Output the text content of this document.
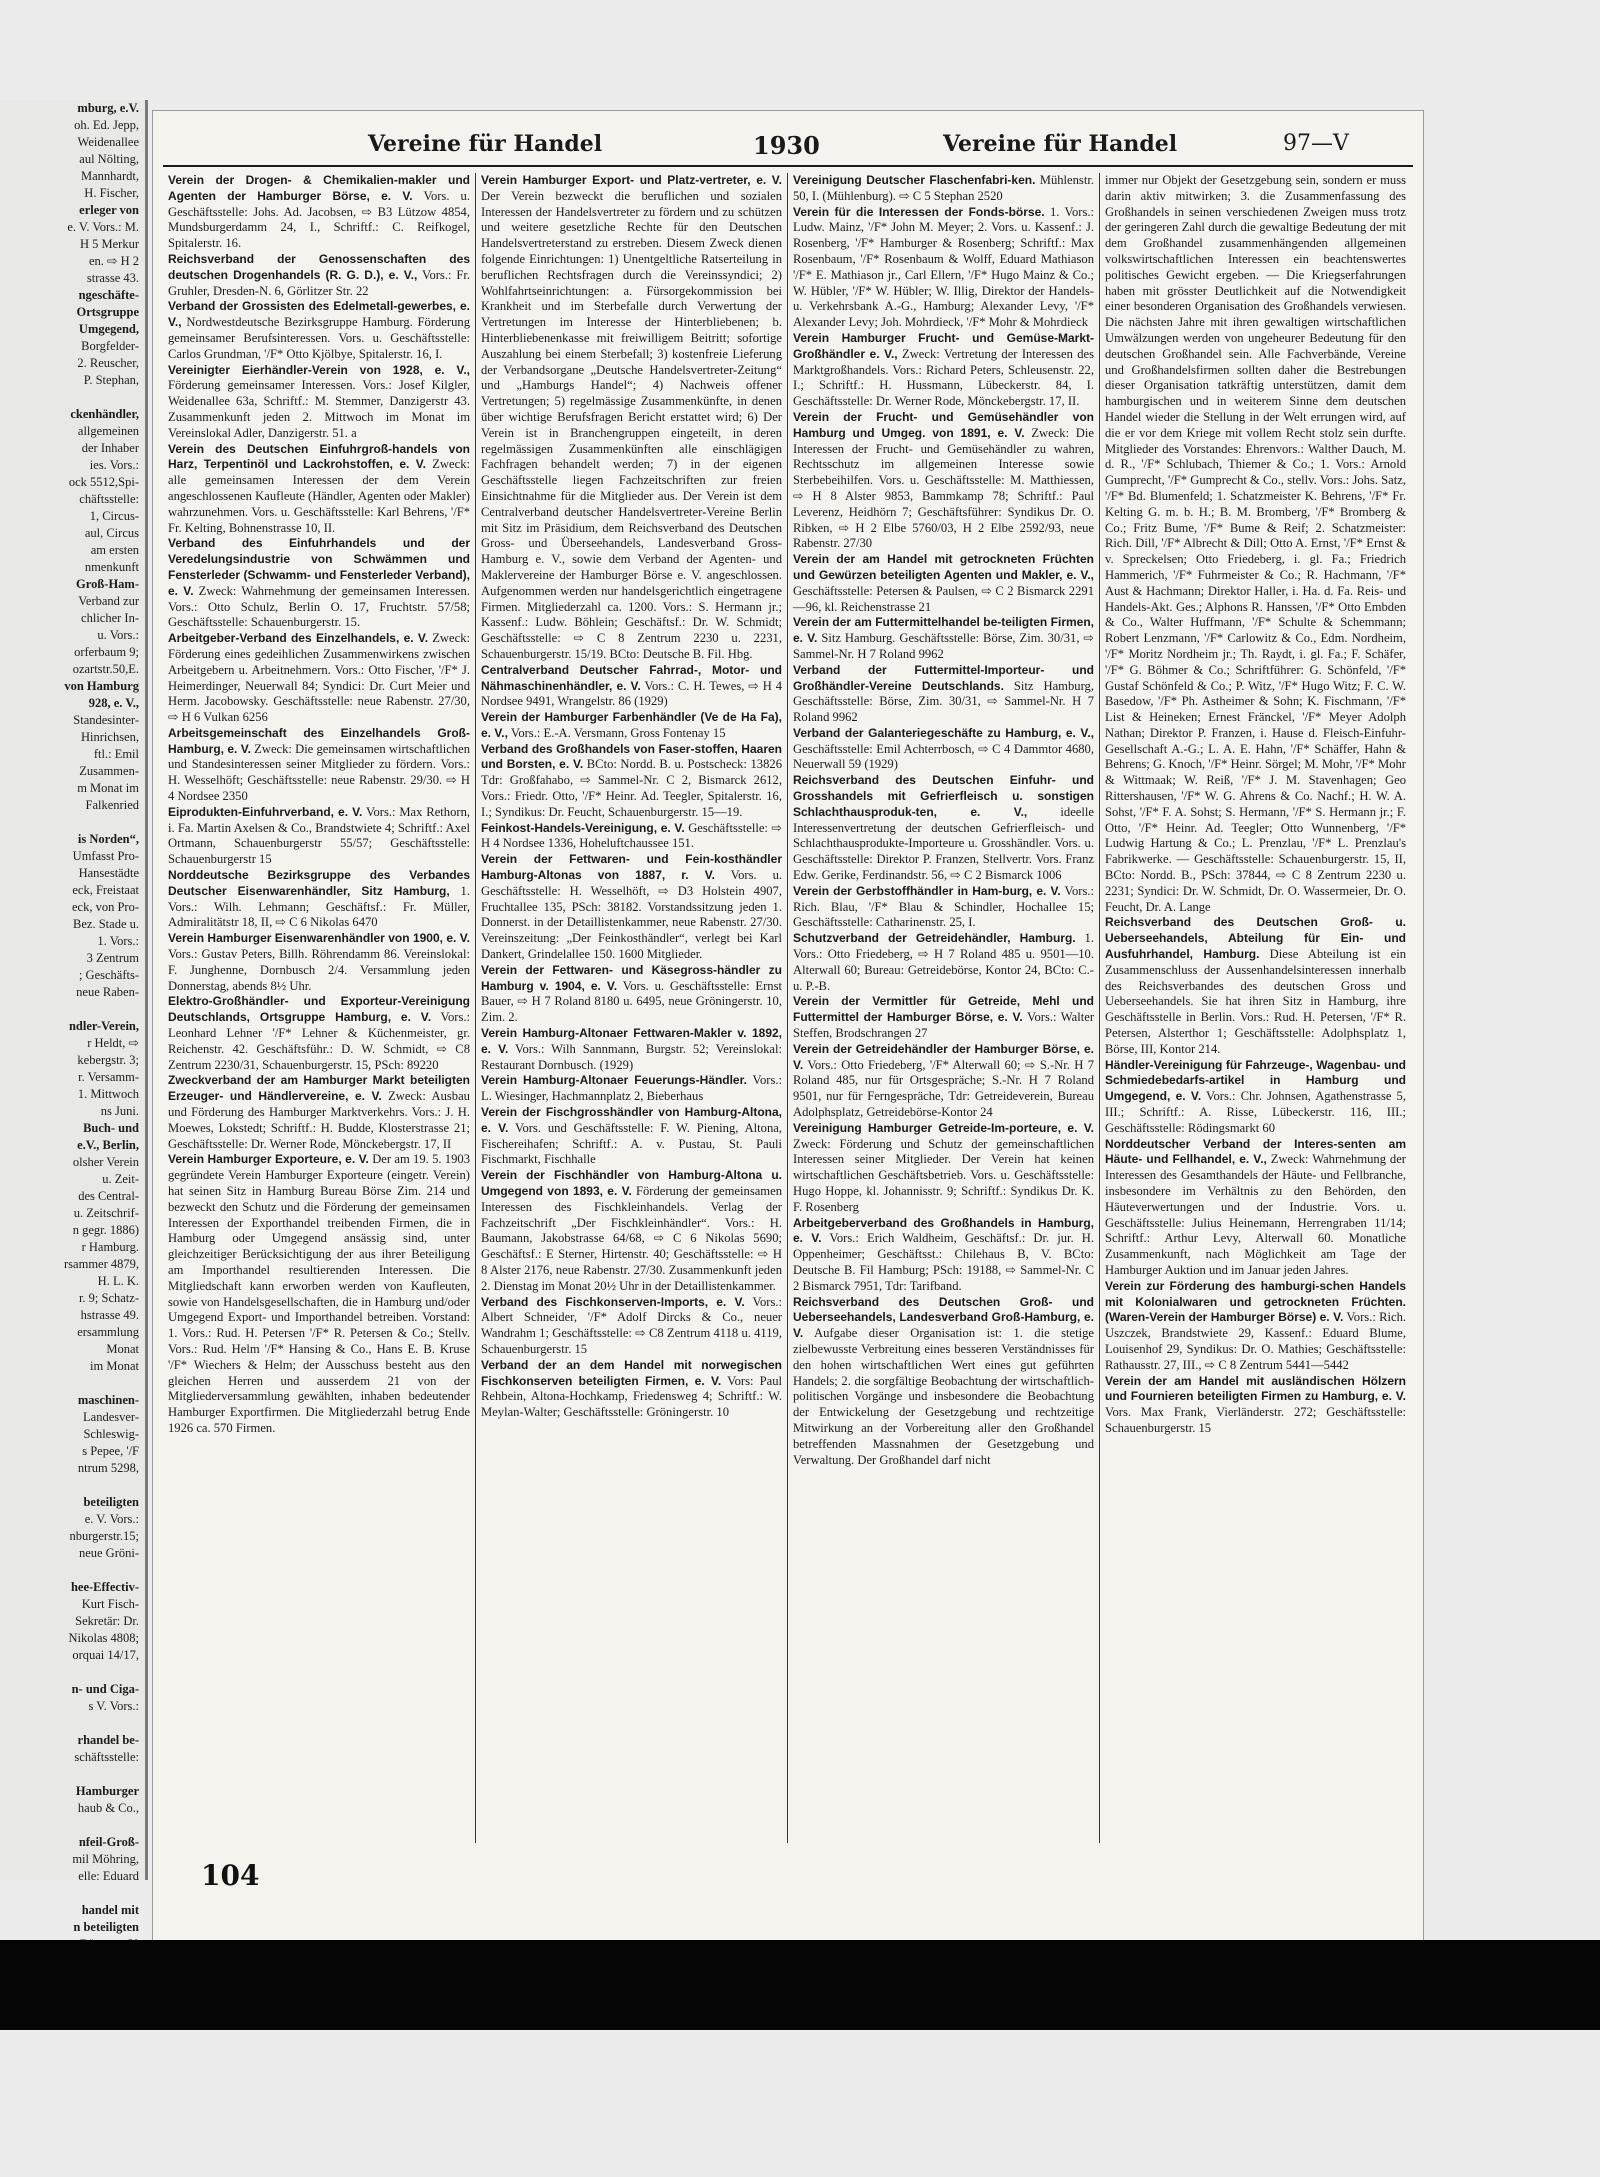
mburg, e.V.
oh. Ed. Jepp,
Weidenallee
aul Nölting,
Mannhardt,
H. Fischer,
erleger von
e. V. Vors.: M.
H 5 Merkur
en. ⇨ H 2
strasse 43.
ngeschäfte-
Ortsgruppe
Umgegend,
Borgfelder-
2. Reuscher,
P. Stephan,

ckenhändler,
allgemeinen
der Inhaber
ies. Vors.:
ock 5512,Spi-
chäftsstelle:
1, Circus-
aul, Circus
am ersten
nmenkunft
Groß-Ham-
Verband zur
chlicher In-
u. Vors.:
orferbaum 9;
ozartstr.50,E.
von Hamburg
928, e. V.,
Standesinter-
Hinrichsen,
ftl.: Emil
Zusammen-
m Monat im
Falkenried

is Norden“,
Umfasst Pro-
Hansestädte
eck, Freistaat
eck, von Pro-
Bez. Stade u.
1. Vors.:
3 Zentrum
; Geschäfts-
neue Raben-

ndler-Verein,
r Heldt, ⇨
kebergstr. 3;
r. Versamm-
1. Mittwoch
ns Juni.
Buch- und
e.V., Berlin,
olsher Verein
u. Zeit-
des Central-
u. Zeitschrif-
n gegr. 1886)
r Hamburg.
rsammer 4879,
H. L. K.
r. 9; Schatz-
hstrasse 49.
ersammlung
Monat
im Monat

maschinen-
Landesver-
Schleswig-
s Pepee, '/F
ntrum 5298,

beteiligten
e. V. Vors.:
nburgerstr.15;
neue Gröni-

hee-Effectiv-
Kurt Fisch-
Sekretär: Dr.
Nikolas 4808;
orquai 14/17,

n- und Ciga-
s V. Vors.:

rhandel be-
schäftsstelle:

Hamburger
haub & Co.,

nfeil-Groß-
mil Möhring,
elle: Eduard

handel mit
n beteiligten
Vereine für Handel	1930	Vereine für Handel	97—V

Verein der Drogen- & Chemikalien-makler und Agenten der Hamburger Börse, e. V. Vors. u. Geschäftsstelle: Johs. Ad. Jacobsen, ⇨ B3 Lützow 4854, Mundsburgerdamm 24, I., Schriftf.: C. Reifkogel, Spitalerstr. 16.

Reichsverband der Genossenschaften des deutschen Drogenhandels (R. G. D.), e. V., Vors.: Fr. Gruhler, Dresden-N. 6, Görlitzer Str. 22

Verband der Grossisten des Edelmetall-gewerbes, e. V., Nordwestdeutsche Bezirksgruppe Hamburg. Förderung gemeinsamer Berufsinteressen. Vors. u. Geschäftsstelle: Carlos Grundman, '/F* Otto Kjölbye, Spitalerstr. 16, I.

Vereinigter Eierhändler-Verein von 1928, e. V., Förderung gemeinsamer Interessen. Vors.: Josef Kilgler, Weidenallee 63a, Schriftf.: M. Stemmer, Danzigerstr 43. Zusammenkunft jeden 2. Mittwoch im Monat im Vereinslokal Adler, Danzigerstr. 51. a

Verein des Deutschen Einfuhrgroß-handels von Harz, Terpentinöl und Lackrohstoffen, e. V. Zweck: alle gemeinsamen Interessen der dem Verein angeschlossenen Kaufleute (Händler, Agenten oder Makler) wahrzunehmen. Vors. u. Geschäftsstelle: Karl Behrens, '/F* Fr. Kelting, Bohnenstrasse 10, II.

Verband des Einfuhrhandels und der Veredelungsindustrie von Schwämmen und Fensterleder (Schwamm- und Fensterleder Verband), e. V. Zweck: Wahrnehmung der gemeinsamen Interessen. Vors.: Otto Schulz, Berlin O. 17, Fruchtstr. 57/58; Geschäftsstelle: Schauenburgerstr. 15.

Arbeitgeber-Verband des Einzelhandels, e. V. Zweck: Förderung eines gedeihlichen Zusammenwirkens zwischen Arbeitgebern u. Arbeitnehmern. Vors.: Otto Fischer, '/F* J. Heimerdinger, Neuerwall 84; Syndici: Dr. Curt Meier und Herm. Jacobowsky. Geschäftsstelle: neue Rabenstr. 27/30, ⇨ H 6 Vulkan 6256

Arbeitsgemeinschaft des Einzelhandels Groß-Hamburg, e. V. Zweck: Die gemeinsamen wirtschaftlichen und Standesinteressen seiner Mitglieder zu fördern. Vors.: H. Wesselhöft; Geschäftsstelle: neue Rabenstr. 29/30. ⇨ H 4 Nordsee 2350

Eiprodukten-Einfuhrverband, e. V. Vors.: Max Rethorn, i. Fa. Martin Axelsen & Co., Brandstwiete 4; Schriftf.: Axel Ortmann, Schauenburgerstr 55/57; Geschäftsstelle: Schauenburgerstr 15

Norddeutsche Bezirksgruppe des Verbandes Deutscher Eisenwarenhändler, Sitz Hamburg, 1. Vors.: Wilh. Lehmann; Geschäftsf.: Fr. Müller, Admiralitätstr 18, II, ⇨ C 6 Nikolas 6470

Verein Hamburger Eisenwarenhändler von 1900, e. V. Vors.: Gustav Peters, Billh. Röhrendamm 86. Vereinslokal: F. Junghenne, Dornbusch 2/4. Versammlung jeden Donnerstag, abends 8½ Uhr.

Elektro-Großhändler- und Exporteur-Vereinigung Deutschlands, Ortsgruppe Hamburg, e. V. Vors.: Leonhard Lehner '/F* Lehner & Küchenmeister, gr. Reichenstr. 42. Geschäftsführ.: D. W. Schmidt, ⇨ C8 Zentrum 2230/31, Schauenburgerstr. 15, PSch: 89220

Zweckverband der am Hamburger Markt beteiligten Erzeuger- und Händlervereine, e. V. Zweck: Ausbau und Förderung des Hamburger Marktverkehrs. Vors.: J. H. Moewes, Lokstedt; Schriftf.: H. Budde, Klosterstrasse 21; Geschäftsstelle: Dr. Werner Rode, Mönckebergstr. 17, II

Verein Hamburger Exporteure, e. V. Der am 19. 5. 1903 gegründete Verein Hamburger Exporteure (eingetr. Verein) hat seinen Sitz in Hamburg Bureau Börse Zim. 214 und bezweckt den Schutz und die Förderung der gemeinsamen Interessen der Exporthandel treibenden Firmen, die in Hamburg oder Umgegend ansässig sind, unter gleichzeitiger Berücksichtigung der aus ihrer Beteiligung am Importhandel resultierenden Interessen. Die Mitgliedschaft kann erworben werden von Kaufleuten, sowie von Handelsgesellschaften, die in Hamburg und/oder Umgegend Export- und Importhandel betreiben. Vorstand: 1. Vors.: Rud. H. Petersen '/F* R. Petersen & Co.; Stellv. Vors.: Rud. Helm '/F* Hansing & Co., Hans E. B. Kruse '/F* Wiechers & Helm; der Ausschuss besteht aus den gleichen Herren und ausserdem 21 von der Mitgliederversammlung gewählten, inhaben bedeutender Hamburger Exportfirmen. Die Mitgliederzahl betrug Ende 1926 ca. 570 Firmen.

Verein Hamburger Export- und Platz-vertreter, e. V. Der Verein bezweckt die beruflichen und sozialen Interessen der Handelsvertreter zu fördern und zu schützen und weitere gesetzliche Rechte für den Deutschen Handelsvertreterstand zu erstreben. Diesem Zweck dienen folgende Einrichtungen: 1) Unentgeltliche Ratserteilung in beruflichen Rechtsfragen durch die Vereinssyndici; 2) Wohlfahrtseinrichtungen: a. Fürsorgekommission bei Krankheit und im Sterbefalle durch Verwertung der Vertretungen im Interesse der Hinterbliebenen; b. Hinterbliebenenkasse mit freiwilligem Beitritt; sofortige Auszahlung bei einem Sterbefall; 3) kostenfreie Lieferung der Verbandsorgane „Deutsche Handelsvertreter-Zeitung“ und „Hamburgs Handel“; 4) Nachweis offener Vertretungen; 5) regelmässige Zusammenkünfte, in denen über wichtige Berufsfragen Bericht erstattet wird; 6) Der Verein ist in Branchengruppen eingeteilt, in deren regelmässigen Zusammenkünften alle einschlägigen Fachfragen behandelt werden; 7) in der eigenen Geschäftsstelle liegen Fachzeitschriften zur freien Einsichtnahme für die Mitglieder aus. Der Verein ist dem Centralverband deutscher Handelsvertreter-Vereine Berlin mit Sitz im Präsidium, dem Reichsverband des Deutschen Gross- und Überseehandels, Landesverband Gross-Hamburg e. V., sowie dem Verband der Agenten- und Maklervereine der Hamburger Börse e. V. angeschlossen. Aufgenommen werden nur handelsgerichtlich eingetragene Firmen. Mitgliederzahl ca. 1200. Vors.: S. Hermann jr.; Kassenf.: Ludw. Böhlein; Geschäftsf.: Dr. W. Schmidt; Geschäftsstelle: ⇨ C 8 Zentrum 2230 u. 2231, Schauenburgerstr. 15/19. BCto: Deutsche B. Fil. Hbg.

Centralverband Deutscher Fahrrad-, Motor- und Nähmaschinenhändler, e. V. Vors.: C. H. Tewes, ⇨ H 4 Nordsee 9491, Wrangelstr. 86 (1929)

Verein der Hamburger Farbenhändler (Ve de Ha Fa), e. V., Vors.: E.-A. Versmann, Gross Fontenay 15

Verband des Großhandels von Faser-stoffen, Haaren und Borsten, e. V. BCto: Nordd. B. u. Postscheck: 13826 Tdr: Großfahabo, ⇨ Sammel-Nr. C 2, Bismarck 2612, Vors.: Friedr. Otto, '/F* Heinr. Ad. Teegler, Spitalerstr. 16, I.; Syndikus: Dr. Feucht, Schauenburgerstr. 15—19.

Feinkost-Handels-Vereinigung, e. V. Geschäftsstelle: ⇨ H 4 Nordsee 1336, Hoheluftchaussee 151.

Verein der Fettwaren- und Fein-kosthändler Hamburg-Altonas von 1887, r. V. Vors. u. Geschäftsstelle: H. Wesselhöft, ⇨ D3 Holstein 4907, Fruchtallee 135, PSch: 38182. Vorstandssitzung jeden 1. Donnerst. in der Detaillistenkammer, neue Rabenstr. 27/30. Vereinszeitung: „Der Feinkosthändler“, verlegt bei Karl Dankert, Grindelallee 150. 1600 Mitglieder.

Verein der Fettwaren- und Käsegross-händler zu Hamburg v. 1904, e. V. Vors. u. Geschäftsstelle: Ernst Bauer, ⇨ H 7 Roland 8180 u. 6495, neue Gröningerstr. 10, Zim. 2.

Verein Hamburg-Altonaer Fettwaren-Makler v. 1892, e. V. Vors.: Wilh Sannmann, Burgstr. 52; Vereinslokal: Restaurant Dornbusch. (1929)

Verein Hamburg-Altonaer Feuerungs-Händler. Vors.: L. Wiesinger, Hachmannplatz 2, Bieberhaus

Verein der Fischgrosshändler von Hamburg-Altona, e. V. Vors. und Geschäftsstelle: F. W. Piening, Altona, Fischereihafen; Schriftf.: A. v. Pustau, St. Pauli Fischmarkt, Fischhalle

Verein der Fischhändler von Hamburg-Altona u. Umgegend von 1893, e. V. Förderung der gemeinsamen Interessen des Fischkleinhandels. Verlag der Fachzeitschrift „Der Fischkleinhändler“. Vors.: H. Baumann, Jakobstrasse 64/68, ⇨ C 6 Nikolas 5690; Geschäftsf.: E Sterner, Hirtenstr. 40; Geschäftsstelle: ⇨ H 8 Alster 2176, neue Rabenstr. 27/30. Zusammenkunft jeden 2. Dienstag im Monat 20½ Uhr in der Detaillistenkammer.

Verband des Fischkonserven-Imports, e. V. Vors.: Albert Schneider, '/F* Adolf Dircks & Co., neuer Wandrahm 1; Geschäftsstelle: ⇨ C8 Zentrum 4118 u. 4119, Schauenburgerstr. 15

Verband der an dem Handel mit norwegischen Fischkonserven beteiligten Firmen, e. V. Vors: Paul Rehbein, Altona-Hochkamp, Friedensweg 4; Schriftf.: W. Meylan-Walter; Geschäftsstelle: Gröningerstr. 10

Vereinigung Deutscher Flaschenfabri-ken. Mühlenstr. 50, I. (Mühlenburg). ⇨ C 5 Stephan 2520

Verein für die Interessen der Fonds-börse. 1. Vors.: Ludw. Mainz, '/F* John M. Meyer; 2. Vors. u. Kassenf.: J. Rosenberg, '/F* Hamburger & Rosenberg; Schriftf.: Max Rosenbaum, '/F* Rosenbaum & Wolff, Eduard Mathiason '/F* E. Mathiason jr., Carl Ellern, '/F* Hugo Mainz & Co.; W. Hübler, '/F* W. Hübler; W. Illig, Direktor der Handels- u. Verkehrsbank A.-G., Hamburg; Alexander Levy, '/F* Alexander Levy; Joh. Mohrdieck, '/F* Mohr & Mohrdieck

Verein Hamburger Frucht- und Gemüse-Markt-Großhändler e. V., Zweck: Vertretung der Interessen des Marktgroßhandels. Vors.: Richard Peters, Schleusenstr. 22, I.; Schriftf.: H. Hussmann, Lübeckerstr. 84, I. Geschäftsstelle: Dr. Werner Rode, Mönckebergstr. 17, II.

Verein der Frucht- und Gemüsehändler von Hamburg und Umgeg. von 1891, e. V. Zweck: Die Interessen der Frucht- und Gemüsehändler zu wahren, Rechtsschutz im allgemeinen Interesse sowie Sterbebeihilfen. Vors. u. Geschäftsstelle: M. Matthiessen, ⇨ H 8 Alster 9853, Bammkamp 78; Schriftf.: Paul Leverenz, Heidhörn 7; Geschäftsführer: Syndikus Dr. O. Ribken, ⇨ H 2 Elbe 5760/03, H 2 Elbe 2592/93, neue Rabenstr. 27/30

Verein der am Handel mit getrockneten Früchten und Gewürzen beteiligten Agenten und Makler, e. V., Geschäftsstelle: Petersen & Paulsen, ⇨ C 2 Bismarck 2291—96, kl. Reichenstrasse 21

Verein der am Futtermittelhandel be-teiligten Firmen, e. V. Sitz Hamburg. Geschäftsstelle: Börse, Zim. 30/31, ⇨ Sammel-Nr. H 7 Roland 9962

Verband der Futtermittel-Importeur- und Großhändler-Vereine Deutschlands. Sitz Hamburg, Geschäftsstelle: Börse, Zim. 30/31, ⇨ Sammel-Nr. H 7 Roland 9962

Verband der Galanteriegeschäfte zu Hamburg, e. V., Geschäftsstelle: Emil Achterrbosch, ⇨ C 4 Dammtor 4680, Neuerwall 59 (1929)

Reichsverband des Deutschen Einfuhr- und Grosshandels mit Gefrierfleisch u. sonstigen Schlachthausproduk-ten, e. V.,	ideelle Interessenvertretung der deutschen Gefrierfleisch- und Schlachthausprodukte-Importeure u. Grosshändler. Vors. u. Geschäftsstelle: Direktor P. Franzen, Stellvertr. Vors. Franz Edw. Gerike, Ferdinandstr. 56, ⇨ C 2 Bismarck 1006

Verein der Gerbstoffhändler in Ham-burg, e. V. Vors.: Rich. Blau, '/F* Blau & Schindler, Hochallee 15; Geschäftsstelle: Catharinenstr. 25, I.

Schutzverband der Getreidehändler, Hamburg. 1. Vors.: Otto Friedeberg, ⇨ H 7 Roland 485 u. 9501—10. Alterwall 60; Bureau: Getreidebörse, Kontor 24, BCto: C.- u. P.-B.

Verein der Vermittler für Getreide, Mehl und Futtermittel der Hamburger Börse, e. V. Vors.: Walter Steffen, Brodschrangen 27

Verein der Getreidehändler der Hamburger Börse, e. V. Vors.: Otto Friedeberg, '/F* Alterwall 60; ⇨ S.-Nr. H 7 Roland 485, nur für Ortsgespräche; S.-Nr. H 7 Roland 9501, nur für Ferngespräche, Tdr: Getreideverein, Bureau Adolphsplatz, Getreidebörse-Kontor 24

Vereinigung Hamburger Getreide-Im-porteure, e. V. Zweck: Förderung und Schutz der gemeinschaftlichen Interessen seiner Mitglieder. Der Verein hat keinen wirtschaftlichen Geschäftsbetrieb. Vors. u. Geschäftsstelle: Hugo Hoppe, kl. Johannisstr. 9; Schriftf.: Syndikus Dr. K. F. Rosenberg

Arbeitgeberverband des Großhandels in Hamburg, e. V. Vors.: Erich Waldheim, Geschäftsf.: Dr. jur. H. Oppenheimer; Geschäftsst.: Chilehaus B, V. BCto: Deutsche B. Fil Hamburg; PSch: 19188, ⇨ Sammel-Nr. C 2 Bismarck 7951, Tdr: Tarifband.

Reichsverband des Deutschen Groß- und Ueberseehandels, Landesverband Groß-Hamburg, e. V. Aufgabe dieser Organisation ist: 1. die stetige zielbewusste Verbreitung eines besseren Verständnisses für den hohen wirtschaftlichen Wert eines gut geführten Handels; 2. die sorgfältige Beobachtung der wirtschaftlich-politischen Vorgänge und insbesondere die Beobachtung der Entwickelung der Gesetzgebung und rechtzeitige Mitwirkung an der Vorbereitung aller den Großhandel betreffenden Massnahmen der Gesetzgebung und Verwaltung. Der Großhandel darf nicht

immer nur Objekt der Gesetzgebung sein, sondern er muss darin aktiv mitwirken; 3. die Zusammenfassung des Großhandels in seinen verschiedenen Zweigen muss trotz der geringeren Zahl durch die gewaltige Bedeutung der mit dem Großhandel zusammenhängenden allgemeinen volkswirtschaftlichen Interessen ein beachtenswertes politisches Gewicht ergeben. — Die Kriegserfahrungen haben mit grösster Deutlichkeit auf die Notwendigkeit einer besonderen Organisation des Großhandels verwiesen. Die nächsten Jahre mit ihren gewaltigen wirtschaftlichen Umwälzungen werden von ungeheurer Bedeutung für den deutschen Großhandel sein. Alle Fachverbände, Vereine und Großhandelsfirmen sollten daher die Bestrebungen dieser Organisation tatkräftig unterstützen, damit dem hamburgischen und in weiterem Sinne dem deutschen Handel wieder die Stellung in der Welt errungen wird, auf die er vor dem Kriege mit vollem Recht stolz sein durfte. Mitglieder des Vorstandes: Ehrenvors.: Walther Dauch, M. d. R., '/F* Schlubach, Thiemer & Co.; 1. Vors.: Arnold Gumprecht, '/F* Gumprecht & Co., stellv. Vors.: Johs. Satz, '/F* Bd. Blumenfeld; 1. Schatzmeister K. Behrens, '/F* Fr. Kelting G. m. b. H.; B. M. Bromberg, '/F* Bromberg & Co.; Fritz Bume, '/F* Bume & Reif; 2. Schatzmeister: Rich. Dill, '/F* Albrecht & Dill; Otto A. Ernst, '/F* Ernst & v. Spreckelsen; Otto Friedeberg, i. gl. Fa.; Friedrich Hammerich, '/F* Fuhrmeister & Co.; R. Hachmann, '/F* Aust & Hachmann; Direktor Haller, i. Ha. d. Fa. Reis- und Handels-Akt. Ges.; Alphons R. Hanssen, '/F* Otto Embden & Co., Walter Huffmann, '/F* Schulte & Schemmann; Robert Lenzmann, '/F* Carlowitz & Co., Edm. Nordheim, '/F* Moritz Nordheim jr.; Th. Raydt, i. gl. Fa.; F. Schäfer, '/F* G. Böhmer & Co.; Schriftführer: G. Schönfeld, '/F* Gustaf Schönfeld & Co.; P. Witz, '/F* Hugo Witz; F. C. W. Basedow, '/F* Ph. Astheimer & Sohn; K. Fischmann, '/F* List & Heineken; Ernest Fränckel, '/F* Meyer Adolph Nathan; Direktor P. Franzen, i. Hause d. Fleisch-Einfuhr-Gesellschaft A.-G.; L. A. E. Hahn, '/F* Schäffer, Hahn & Behrens; G. Knoch, '/F* Heinr. Sörgel; M. Mohr, '/F* Mohr & Wittmaak; W. Reiß, '/F* J. M. Stavenhagen; Geo Rittershausen, '/F* W. G. Ahrens & Co. Nachf.; H. W. A. Sohst, '/F* F. A. Sohst; S. Hermann, '/F* S. Hermann jr.; F. Otto, '/F* Heinr. Ad. Teegler; Otto Wunnenberg, '/F* Ludwig Hartung & Co.; L. Prenzlau, '/F* L. Prenzlau's Fabrikwerke. — Geschäftsstelle: Schauenburgerstr. 15, II, BCto: Nordd. B., PSch: 37844, ⇨ C 8 Zentrum 2230 u. 2231; Syndici: Dr. W. Schmidt, Dr. O. Wassermeier, Dr. O. Feucht, Dr. A. Lange

Reichsverband des Deutschen Groß- u. Ueberseehandels, Abteilung für Ein- und Ausfuhrhandel, Hamburg. Diese Abteilung ist ein Zusammenschluss der Aussenhandelsinteressen innerhalb des Reichsverbandes des deutschen Gross und Ueberseehandels. Sie hat ihren Sitz in Hamburg, ihre Geschäftsstelle in Berlin. Vors.: Rud. H. Petersen, '/F* R. Petersen, Alsterthor 1; Geschäftsstelle: Adolphsplatz 1, Börse, III, Kontor 214.

Händler-Vereinigung für Fahrzeuge-, Wagenbau- und Schmiedebedarfs-artikel in Hamburg und Umgegend, e. V. Vors.: Chr. Johnsen, Agathenstrasse 5, III.; Schriftf.: A. Risse, Lübeckerstr. 116, III.; Geschäftsstelle: Rödingsmarkt 60

Norddeutscher Verband der Interes-senten am Häute- und Fellhandel, e. V., Zweck: Wahrnehmung der Interessen des Gesamthandels der Häute- und Fellbranche, insbesondere im Verhältnis zu den Behörden, den Häuteverwertungen und der Industrie. Vors. u. Geschäftsstelle: Julius Heinemann, Herrengraben 11/14; Schriftf.: Arthur Levy, Alterwall 60. Monatliche Zusammenkunft, nach Möglichkeit am Tage der Hamburger Auktion und im Januar jeden Jahres.

Verein zur Förderung des hamburgi-schen Handels mit Kolonialwaren und getrockneten Früchten. (Waren-Verein der Hamburger Börse) e. V. Vors.: Rich. Uszczek, Brandstwiete 29, Kassenf.: Eduard Blume, Louisenhof 29, Syndikus: Dr. O. Mathies; Geschäftsstelle: Rathausstr. 27, III., ⇨ C 8 Zentrum 5441—5442

Verein der am Handel mit ausländischen Hölzern und Fournieren beteiligten Firmen zu Hamburg, e. V. Vors. Max Frank, Vierländerstr. 272; Geschäftsstelle: Schauenburgerstr. 15

104
